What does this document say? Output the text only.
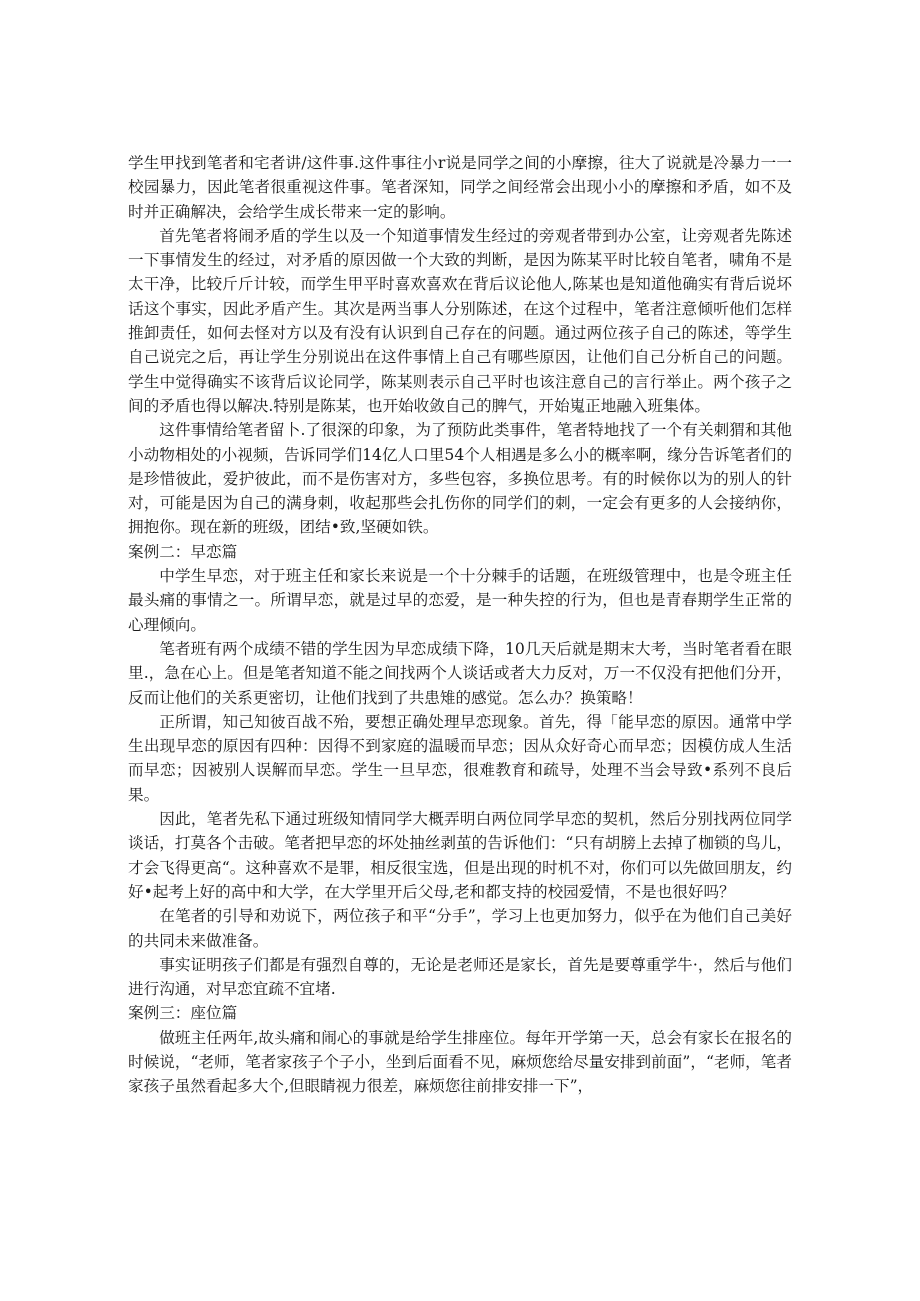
学生甲找到笔者和宅者讲/这件事.这件事往小r说是同学之间的小摩擦，往大了说就是冷暴力一一校园暴力，因此笔者很重视这件事。笔者深知，同学之间经常会出现小小的摩擦和矛盾，如不及时并正确解决，会给学生成长带来一定的影响。

首先笔者将闹矛盾的学生以及一个知道事情发生经过的旁观者带到办公室，让旁观者先陈述一下事情发生的经过，对矛盾的原因做一个大致的判断，是因为陈某平时比较自笔者，啸角不是太干净，比较斤斤计较，而学生甲平时喜欢喜欢在背后议论他人,陈某也是知道他确实有背后说坏话这个事实，因此矛盾产生。其次是两当事人分别陈述，在这个过程中，笔者注意倾听他们怎样推卸责任，如何去怪对方以及有没有认识到自己存在的问题。通过两位孩子自己的陈述，等学生自己说完之后，再让学生分别说出在这件事情上自己有哪些原因，让他们自己分析自己的问题。学生中觉得确实不该背后议论同学，陈某则表示自己平时也该注意自己的言行举止。两个孩子之间的矛盾也得以解决.特别是陈某，也开始收敛自己的脾气，开始嵬正地融入班集体。

这件事情给笔者留卜.了很深的印象，为了预防此类事件，笔者特地找了一个有关刺猬和其他小动物相处的小视频，告诉同学们14亿人口里54个人相遇是多么小的概率啊，缘分告诉笔者们的是珍惜彼此，爱护彼此，而不是伤害对方，多些包容，多换位思考。有的时候你以为的别人的针对，可能是因为自己的满身刺，收起那些会扎伤你的同学们的刺，一定会有更多的人会接纳你，拥抱你。现在新的班级，团结•致,坚硬如铁。

案例二：早恋篇

中学生早恋，对于班主任和家长来说是一个十分棘手的话题，在班级管理中，也是令班主任最头痛的事情之一。所谓早恋，就是过早的恋爱，是一种失控的行为，但也是青春期学生正常的心理倾向。

笔者班有两个成绩不错的学生因为早恋成绩下降，10几天后就是期末大考，当时笔者看在眼里.，急在心上。但是笔者知道不能之间找两个人谈话或者大力反对，万一不仅没有把他们分开，反而让他们的关系更密切，让他们找到了共患雉的感觉。怎么办？换策略！

正所谓，知己知彼百战不殆，要想正确处理早恋现象。首先，得「能早恋的原因。通常中学生出现早恋的原因有四种：因得不到家庭的温暖而早恋；因从众好奇心而早恋；因模仿成人生活而早恋；因被别人误解而早恋。学生一旦早恋，很难教育和疏导，处理不当会导致•系列不良后果。

因此，笔者先私下通过班级知情同学大概弄明白两位同学早恋的契机，然后分别找两位同学谈话，打莫各个击破。笔者把早恋的坏处抽丝剥茧的告诉他们：“只有胡膀上去掉了枷锁的鸟儿，才会飞得更高“。这种喜欢不是罪，相反很宝选，但是出现的时机不对，你们可以先做回朋友，约好•起考上好的高中和大学，在大学里开后父母,老和都支持的校园爱情，不是也很好吗？

在笔者的引导和劝说下，两位孩子和平“分手”，学习上也更加努力，似乎在为他们自己美好的共同未来做准备。

事实证明孩子们都是有强烈自尊的，无论是老师还是家长，首先是要尊重学牛·，然后与他们进行沟通，对早恋宜疏不宜堵.

案例三：座位篇

做班主任两年,故头痛和闹心的事就是给学生排座位。每年开学第一天，总会有家长在报名的时候说，“老师，笔者家孩子个子小，坐到后面看不见，麻烦您给尽量安排到前面”，“老师，笔者家孩子虽然看起多大个,但眼睛视力很差，麻烦您往前排安排一下”，
